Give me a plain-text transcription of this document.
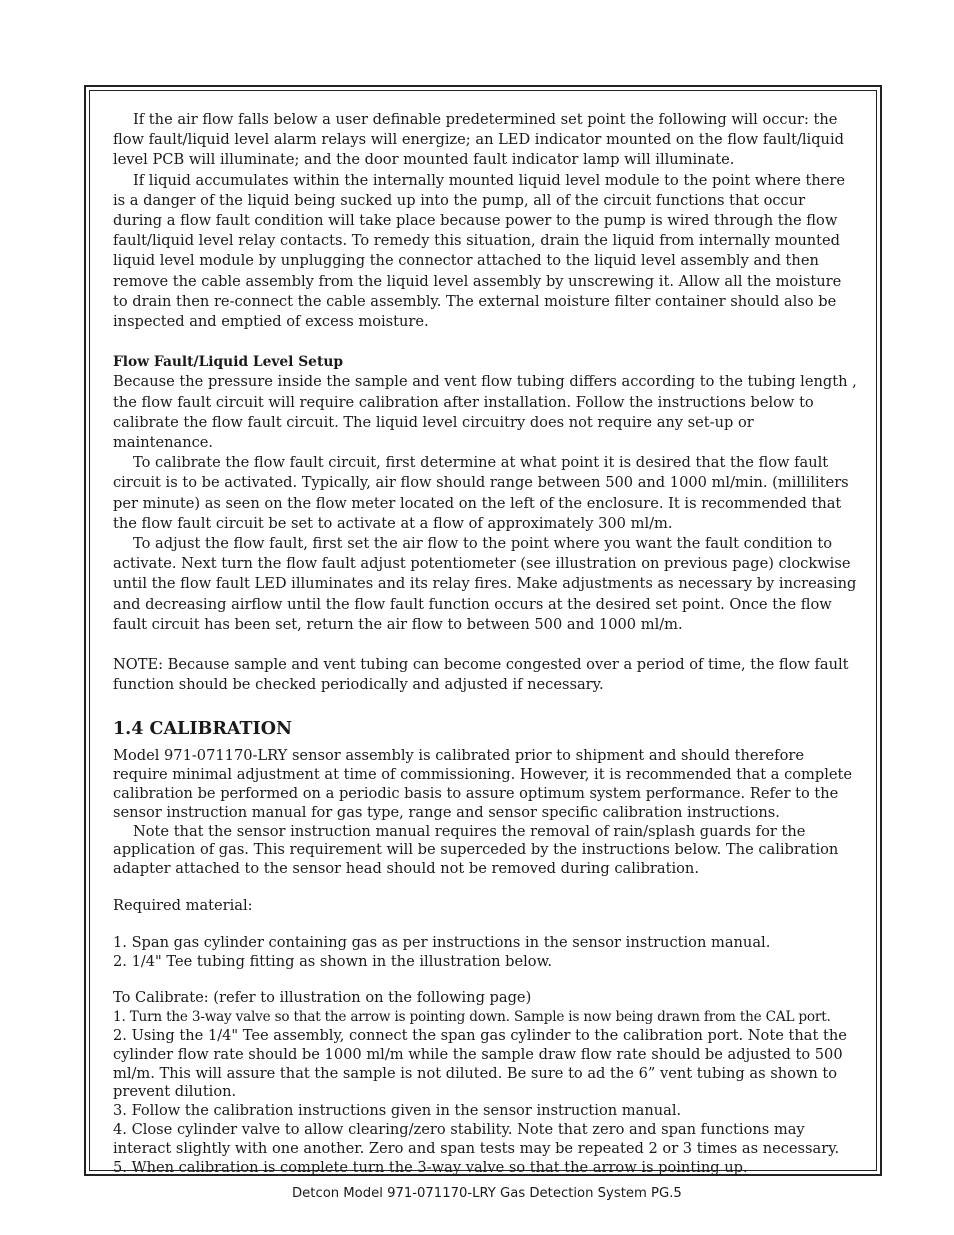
If the air flow falls below a user definable predetermined set point the following will occur: the flow fault/liquid level alarm relays will energize; an LED indicator mounted on the flow fault/liquid level PCB will illuminate; and the door mounted fault indicator lamp will illuminate.

If liquid accumulates within the internally mounted liquid level module to the point where there is a danger of the liquid being sucked up into the pump, all of the circuit functions that occur during a flow fault condition will take place because power to the pump is wired through the flow fault/liquid level relay contacts. To remedy this situation, drain the liquid from internally mounted liquid level module by unplugging the connector attached to the liquid level assembly and then remove the cable assembly from the liquid level assembly by unscrewing it. Allow all the moisture to drain then re-connect the cable assembly. The external moisture filter container should also be inspected and emptied of excess moisture.

Flow Fault/Liquid Level Setup

Because the pressure inside the sample and vent flow tubing differs according to the tubing length , the flow fault circuit will require calibration after installation. Follow the instructions below to calibrate the flow fault circuit. The liquid level circuitry does not require any set-up or maintenance.

To calibrate the flow fault circuit, first determine at what point it is desired that the flow fault circuit is to be activated. Typically, air flow should range between 500 and 1000 ml/min. (milliliters per minute) as seen on the flow meter located on the left of the enclosure. It is recommended that the flow fault circuit be set to activate at a flow of approximately 300 ml/m.

To adjust the flow fault, first set the air flow to the point where you want the fault condition to activate. Next turn the flow fault adjust potentiometer (see illustration on previous page) clockwise until the flow fault LED illuminates and its relay fires. Make adjustments as necessary by increasing and decreasing airflow until the flow fault function occurs at the desired set point. Once the flow fault circuit has been set, return the air flow to between 500 and 1000 ml/m.

NOTE: Because sample and vent tubing can become congested over a period of time, the flow fault function should be checked periodically and adjusted if necessary.

1.4 CALIBRATION

Model 971-071170-LRY sensor assembly is calibrated prior to shipment and should therefore require minimal adjustment at time of commissioning. However, it is recommended that a complete calibration be performed on a periodic basis to assure optimum system performance. Refer to the sensor instruction manual for gas type, range and sensor specific calibration instructions.

Note that the sensor instruction manual requires the removal of rain/splash guards for the application of gas. This requirement will be superceded by the instructions below. The calibration adapter attached to the sensor head should not be removed during calibration.

Required material:

1. Span gas cylinder containing gas as per instructions in the sensor instruction manual.

2. 1/4" Tee tubing fitting as shown in the illustration below.

To Calibrate: (refer to illustration on the following page)

1. Turn the 3-way valve so that the arrow is pointing down. Sample is now being drawn from the CAL port.

2. Using the 1/4" Tee assembly, connect the span gas cylinder to the calibration port. Note that the cylinder flow rate should be 1000 ml/m while the sample draw flow rate should be adjusted to 500 ml/m. This will assure that the sample is not diluted. Be sure to ad the 6” vent tubing as shown to prevent dilution.

3. Follow the calibration instructions given in the sensor instruction manual.

4. Close cylinder valve to allow clearing/zero stability. Note that zero and span functions may interact slightly with one another. Zero and span tests may be repeated 2 or 3 times as necessary.

5. When calibration is complete turn the 3-way valve so that the arrow is pointing up.

Detcon Model 971-071170-LRY Gas Detection System PG.5
